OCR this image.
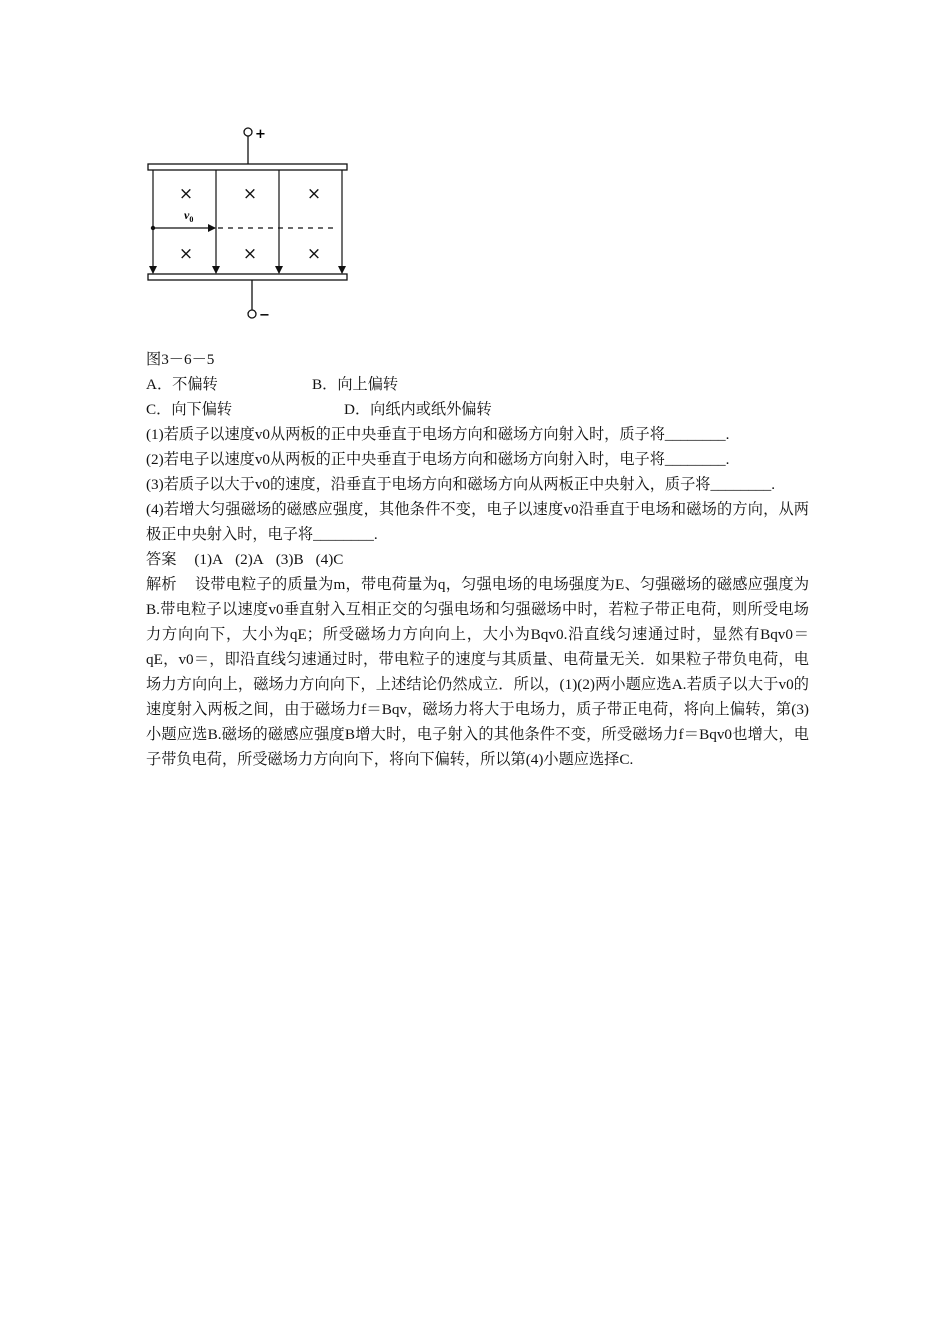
+
−
$v_0$
×	×	×
×	×	×
图3－6－5
A．不偏转	B．向上偏转
C．向下偏转	D．向纸内或纸外偏转
(1)若质子以速度v0从两板的正中央垂直于电场方向和磁场方向射入时，质子将________.
(2)若电子以速度v0从两板的正中央垂直于电场方向和磁场方向射入时，电子将________.
(3)若质子以大于v0的速度，沿垂直于电场方向和磁场方向从两板正中央射入，质子将________.
(4)若增大匀强磁场的磁感应强度，其他条件不变，电子以速度v0沿垂直于电场和磁场的方向，从两极正中央射入时，电子将________.
答案 (1)A (2)A (3)B (4)C
解析 设带电粒子的质量为m，带电荷量为q，匀强电场的电场强度为E、匀强磁场的磁感应强度为B.带电粒子以速度v0垂直射入互相正交的匀强电场和匀强磁场中时，若粒子带正电荷，则所受电场力方向向下，大小为qE；所受磁场力方向向上，大小为Bqv0.沿直线匀速通过时，显然有Bqv0＝qE，v0＝，即沿直线匀速通过时，带电粒子的速度与其质量、电荷量无关．如果粒子带负电荷，电场力方向向上，磁场力方向向下，上述结论仍然成立．所以，(1)(2)两小题应选A.若质子以大于v0的速度射入两板之间，由于磁场力f＝Bqv，磁场力将大于电场力，质子带正电荷，将向上偏转，第(3)小题应选B.磁场的磁感应强度B增大时，电子射入的其他条件不变，所受磁场力f＝Bqv0也增大，电子带负电荷，所受磁场力方向向下，将向下偏转，所以第(4)小题应选择C.
